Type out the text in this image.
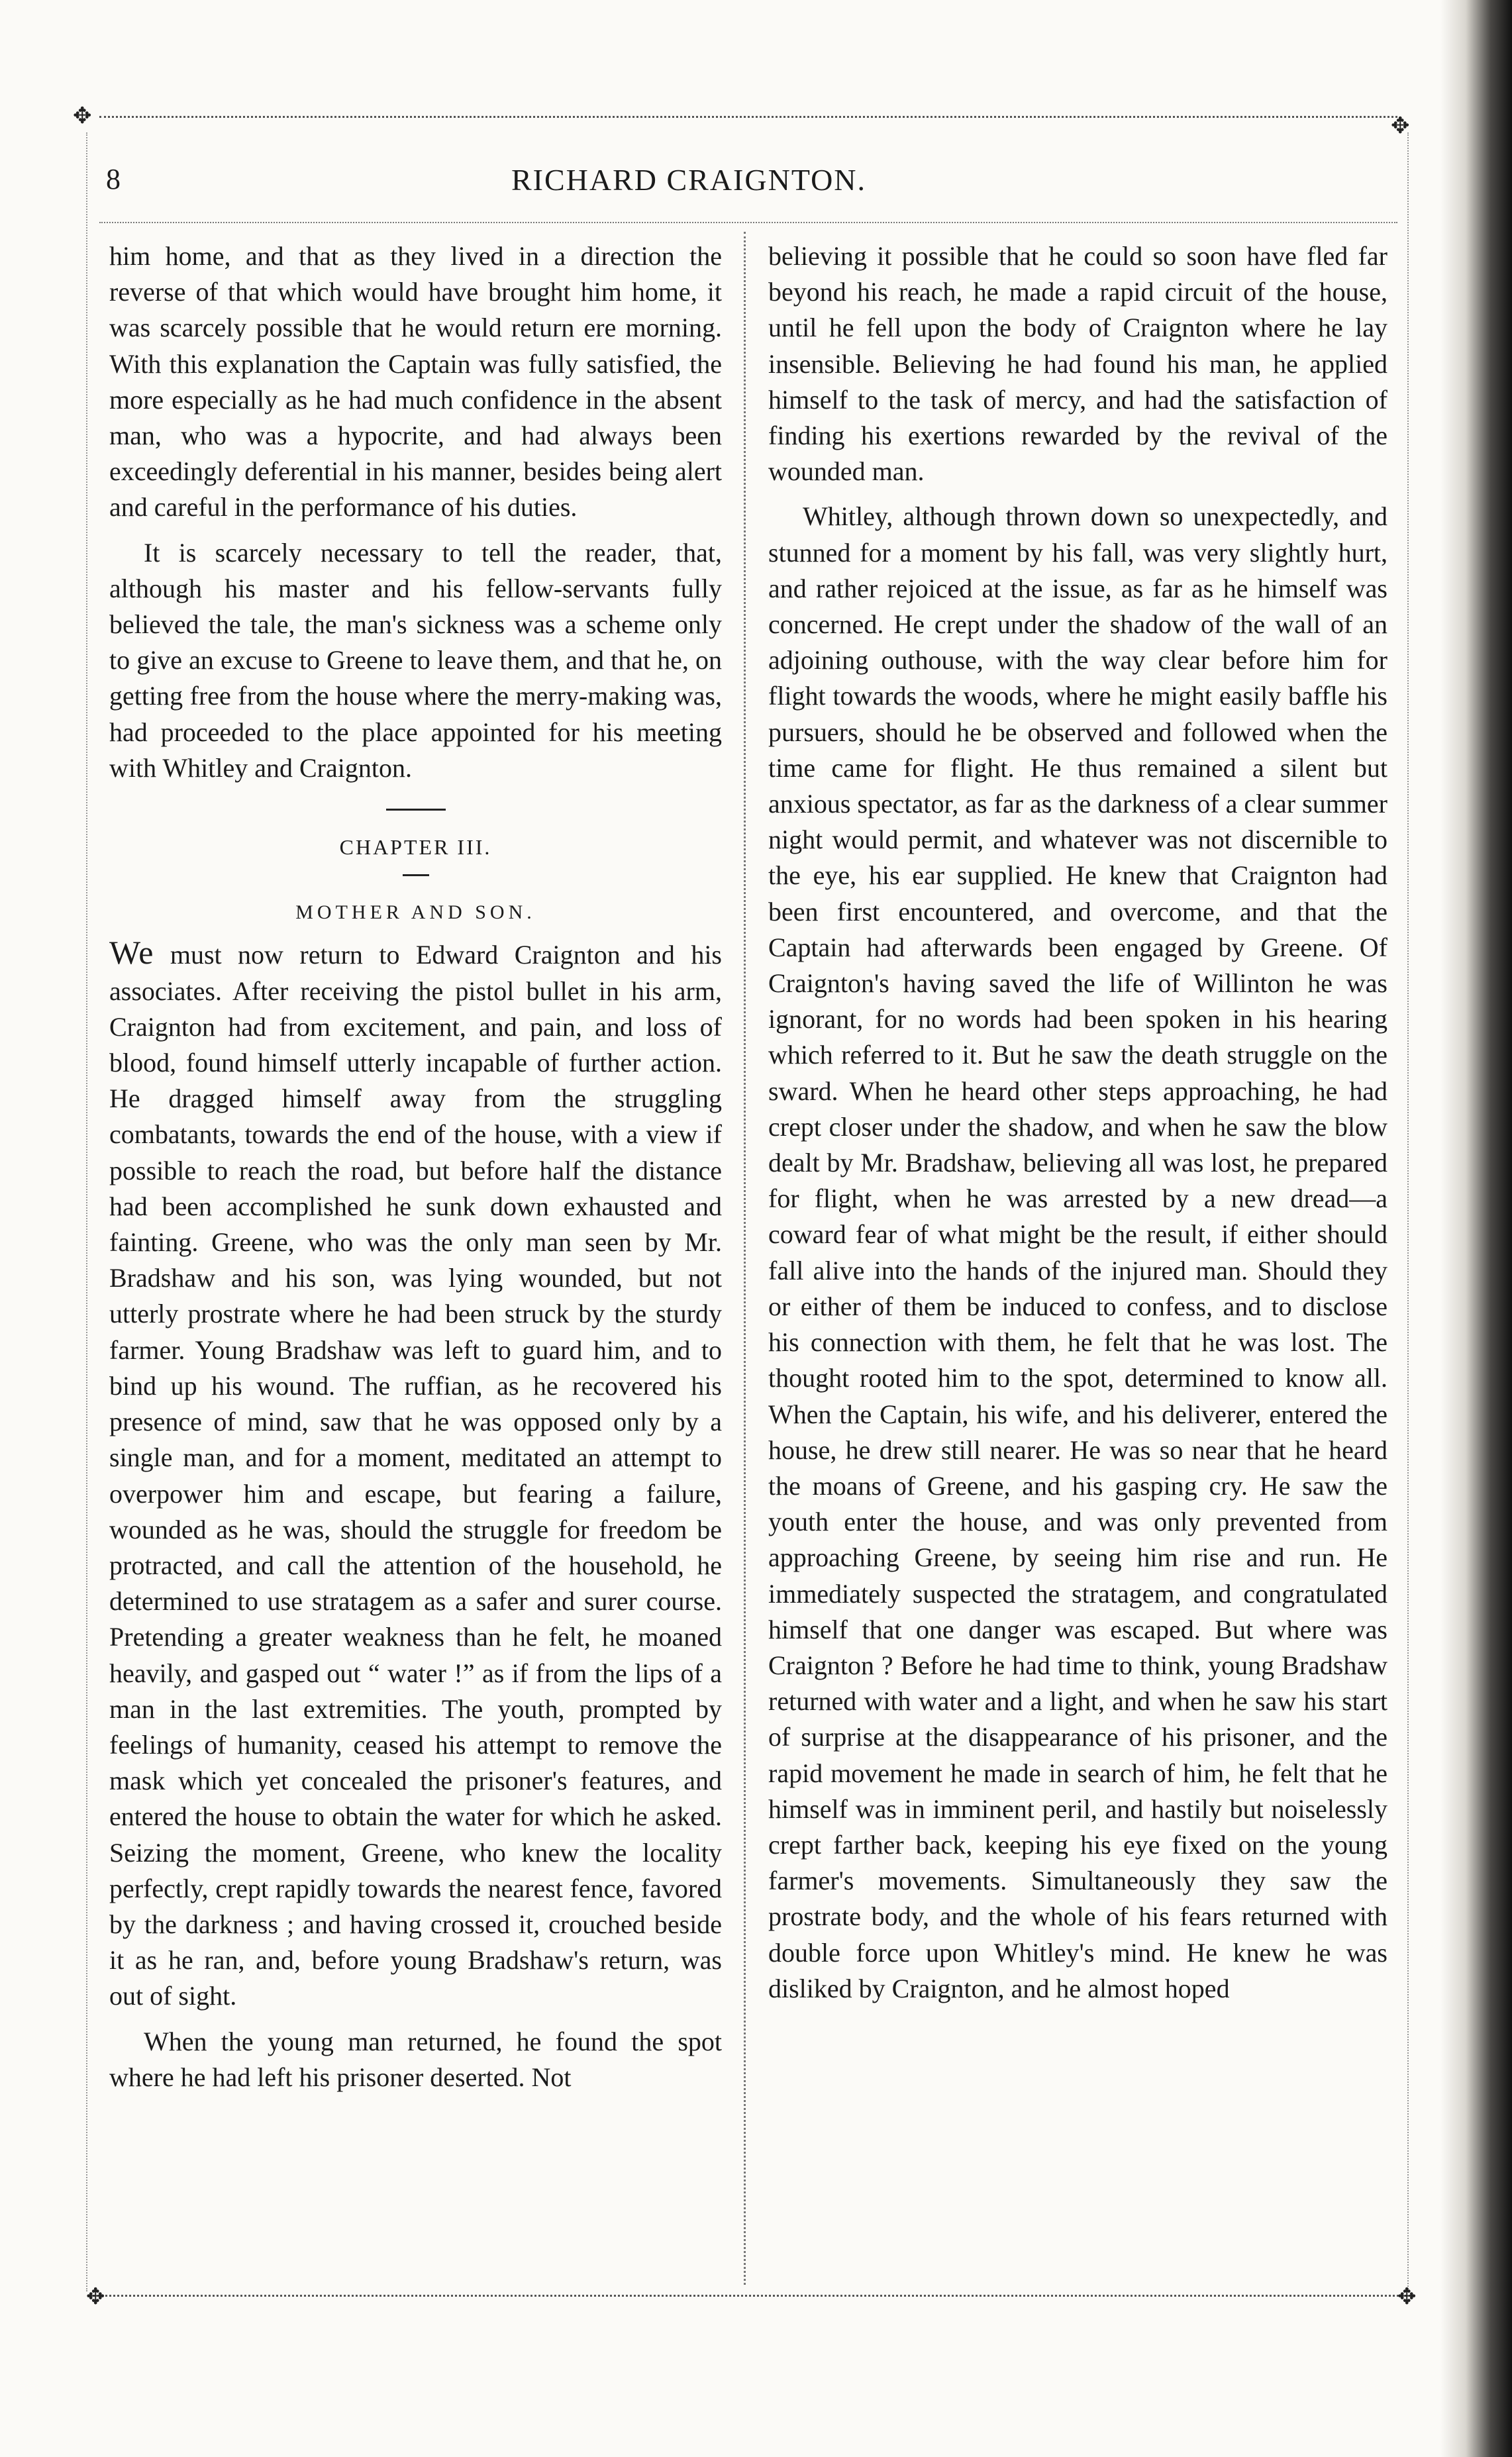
✥	✥
8	RICHARD CRAIGNTON.

him home, and that as they lived in a direction the reverse of that which would have brought him home, it was scarcely possible that he would return ere morning. With this explanation the Captain was fully satisfied, the more especially as he had much confidence in the absent man, who was a hypocrite, and had always been exceedingly deferential in his manner, besides being alert and careful in the performance of his duties.

It is scarcely necessary to tell the reader, that, although his master and his fellow-servants fully believed the tale, the man's sickness was a scheme only to give an excuse to Greene to leave them, and that he, on getting free from the house where the merry-making was, had proceeded to the place appointed for his meeting with Whitley and Craignton.

CHAPTER III.
MOTHER AND SON.

We must now return to Edward Craignton and his associates. After receiving the pistol bullet in his arm, Craignton had from excitement, and pain, and loss of blood, found himself utterly incapable of further action. He dragged himself away from the struggling combatants, towards the end of the house, with a view if possible to reach the road, but before half the distance had been accomplished he sunk down exhausted and fainting. Greene, who was the only man seen by Mr. Bradshaw and his son, was lying wounded, but not utterly prostrate where he had been struck by the sturdy farmer. Young Bradshaw was left to guard him, and to bind up his wound. The ruffian, as he recovered his presence of mind, saw that he was opposed only by a single man, and for a moment, meditated an attempt to overpower him and escape, but fearing a failure, wounded as he was, should the struggle for freedom be protracted, and call the attention of the household, he determined to use stratagem as a safer and surer course. Pretending a greater weakness than he felt, he moaned heavily, and gasped out “ water !” as if from the lips of a man in the last extremities. The youth, prompted by feelings of humanity, ceased his attempt to remove the mask which yet concealed the prisoner's features, and entered the house to obtain the water for which he asked. Seizing the moment, Greene, who knew the locality perfectly, crept rapidly towards the nearest fence, favored by the darkness ; and having crossed it, crouched beside it as he ran, and, before young Bradshaw's return, was out of sight.

When the young man returned, he found the spot where he had left his prisoner deserted. Not

believing it possible that he could so soon have fled far beyond his reach, he made a rapid circuit of the house, until he fell upon the body of Craignton where he lay insensible. Believing he had found his man, he applied himself to the task of mercy, and had the satisfaction of finding his exertions rewarded by the revival of the wounded man.

Whitley, although thrown down so unexpectedly, and stunned for a moment by his fall, was very slightly hurt, and rather rejoiced at the issue, as far as he himself was concerned. He crept under the shadow of the wall of an adjoining outhouse, with the way clear before him for flight towards the woods, where he might easily baffle his pursuers, should he be observed and followed when the time came for flight. He thus remained a silent but anxious spectator, as far as the darkness of a clear summer night would permit, and whatever was not discernible to the eye, his ear supplied. He knew that Craignton had been first encountered, and overcome, and that the Captain had afterwards been engaged by Greene. Of Craignton's having saved the life of Willinton he was ignorant, for no words had been spoken in his hearing which referred to it. But he saw the death struggle on the sward. When he heard other steps approaching, he had crept closer under the shadow, and when he saw the blow dealt by Mr. Bradshaw, believing all was lost, he prepared for flight, when he was arrested by a new dread—a coward fear of what might be the result, if either should fall alive into the hands of the injured man. Should they or either of them be induced to confess, and to disclose his connection with them, he felt that he was lost. The thought rooted him to the spot, determined to know all. When the Captain, his wife, and his deliverer, entered the house, he drew still nearer. He was so near that he heard the moans of Greene, and his gasping cry. He saw the youth enter the house, and was only prevented from approaching Greene, by seeing him rise and run. He immediately suspected the stratagem, and congratulated himself that one danger was escaped. But where was Craignton ? Before he had time to think, young Bradshaw returned with water and a light, and when he saw his start of surprise at the disappearance of his prisoner, and the rapid movement he made in search of him, he felt that he himself was in imminent peril, and hastily but noiselessly crept farther back, keeping his eye fixed on the young farmer's movements. Simultaneously they saw the prostrate body, and the whole of his fears returned with double force upon Whitley's mind. He knew he was disliked by Craignton, and he almost hoped

✥	✥
